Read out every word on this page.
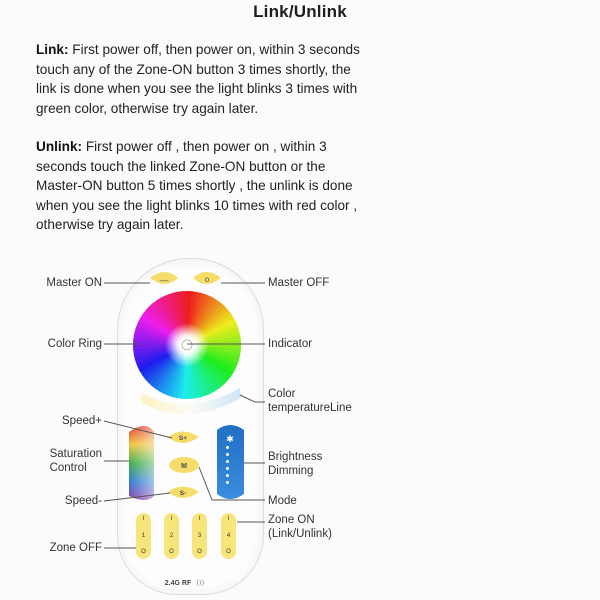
Link/Unlink
Link: First power off, then power on, within 3 seconds touch any of the Zone-ON button 3 times shortly, the link is done when you see the light blinks 3 times with green color, otherwise try again later.
Unlink: First power off , then power on , within 3 seconds touch the linked Zone-ON button or the Master-ON button 5 times shortly , the unlink is done when you see the light blinks 10 times with red color , otherwise try again later.
—	o
✱
S+
M
S-
2.4G RF )))
I
1
O
I
2
O
I
3
O
I
4
O
Master ON
Color Ring
Speed+
Saturation
Control
Speed-
Zone OFF
Master OFF
Indicator
Color
temperatureLine
Brightness
Dimming
Mode
Zone ON
(Link/Unlink)
